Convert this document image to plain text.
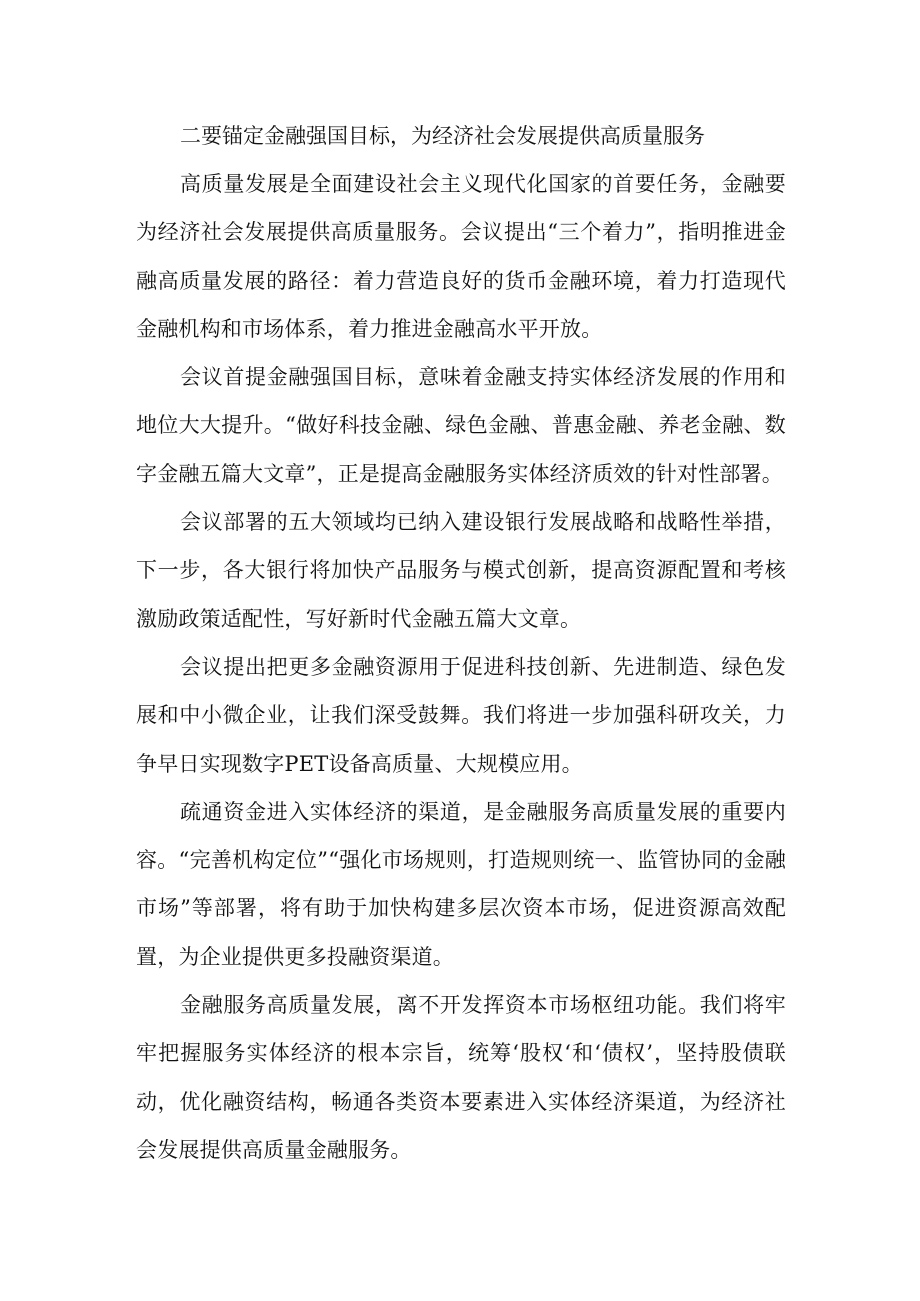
二要锚定金融强国目标，为经济社会发展提供高质量服务

高质量发展是全面建设社会主义现代化国家的首要任务，金融要为经济社会发展提供高质量服务。会议提出“三个着力”，指明推进金融高质量发展的路径：着力营造良好的货币金融环境，着力打造现代金融机构和市场体系，着力推进金融高水平开放。

会议首提金融强国目标，意味着金融支持实体经济发展的作用和地位大大提升。“做好科技金融、绿色金融、普惠金融、养老金融、数字金融五篇大文章”，正是提高金融服务实体经济质效的针对性部署。

会议部署的五大领域均已纳入建设银行发展战略和战略性举措，下一步，各大银行将加快产品服务与模式创新，提高资源配置和考核激励政策适配性，写好新时代金融五篇大文章。

会议提出把更多金融资源用于促进科技创新、先进制造、绿色发展和中小微企业，让我们深受鼓舞。我们将进一步加强科研攻关，力争早日实现数字PET设备高质量、大规模应用。

疏通资金进入实体经济的渠道，是金融服务高质量发展的重要内容。“完善机构定位”“强化市场规则，打造规则统一、监管协同的金融市场”等部署，将有助于加快构建多层次资本市场，促进资源高效配置，为企业提供更多投融资渠道。

金融服务高质量发展，离不开发挥资本市场枢纽功能。我们将牢牢把握服务实体经济的根本宗旨，统筹‘股权‘和‘债权’，坚持股债联动，优化融资结构，畅通各类资本要素进入实体经济渠道，为经济社会发展提供高质量金融服务。
